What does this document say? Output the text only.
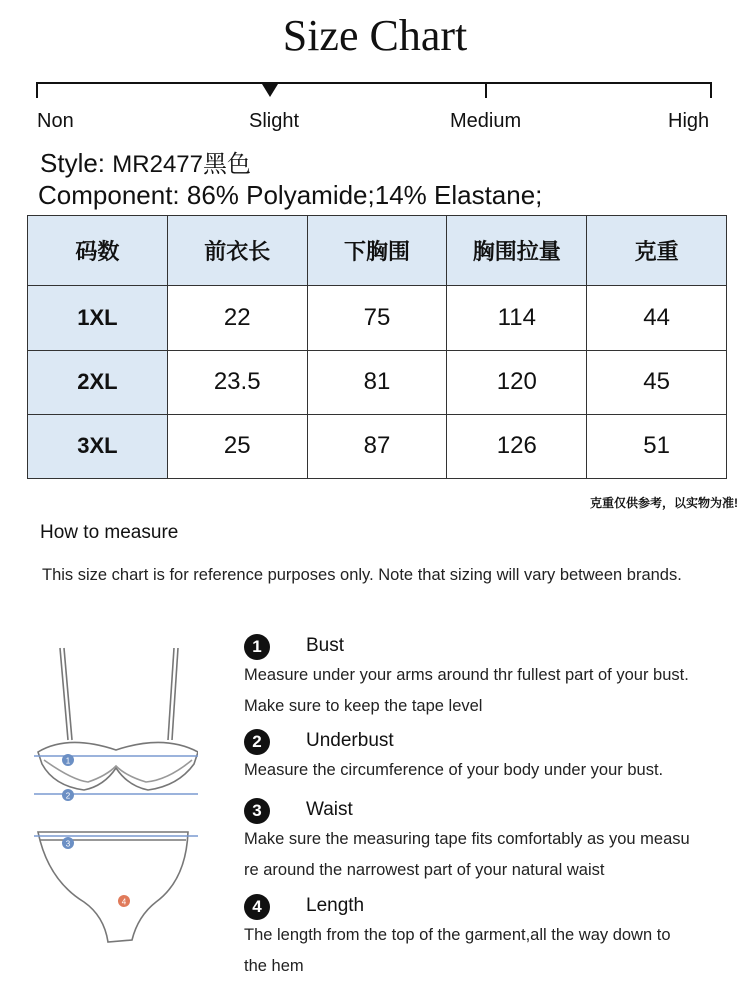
Size Chart
Non	Slight	Medium	High
Style: MR2477黑色
Component: 86% Polyamide;14% Elastane;
码数	前衣长	下胸围	胸围拉量	克重
1XL	22	75	114	44
2XL	23.5	81	120	45
3XL	25	87	126	51
克重仅供参考，以实物为准!
How to measure
This size chart is for reference purposes only. Note that sizing will vary between brands.
1
2
3
4
1	Bust
Measure under your arms around thr fullest part of your bust.
Make sure to keep the tape level
2	Underbust
Measure the circumference of your body under your bust.
3	Waist
Make sure the measuring tape fits comfortably as you measu
re around the narrowest part of your natural waist
4	Length
The length from the top of the garment,all the way down to
the hem
